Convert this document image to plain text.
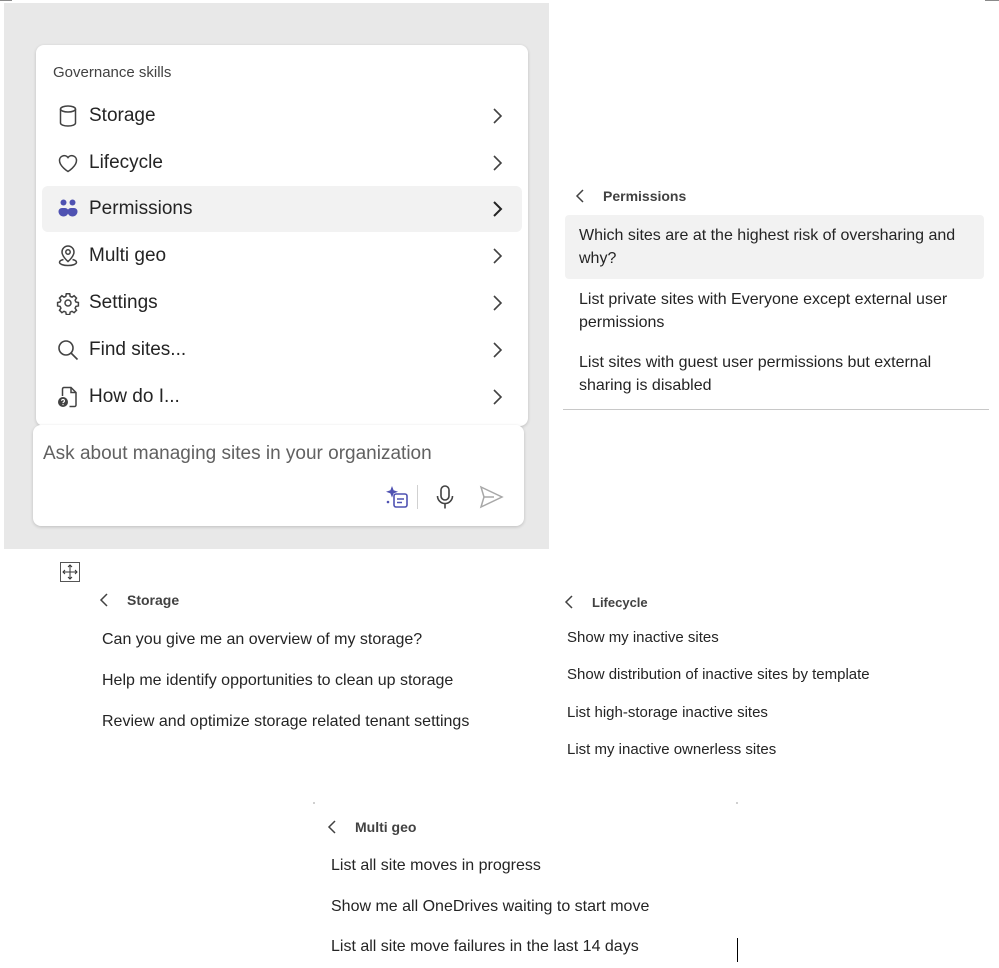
Governance skills
Storage
Lifecycle
Permissions
Multi geo
Settings
Find sites...
How do I...
Ask about managing sites in your organization
Permissions
Which sites are at the highest risk of oversharing and why?
List private sites with Everyone except external user permissions
List sites with guest user permissions but external sharing is disabled
Storage
Can you give me an overview of my storage?
Help me identify opportunities to clean up storage
Review and optimize storage related tenant settings
Lifecycle
Show my inactive sites
Show distribution of inactive sites by template
List high-storage inactive sites
List my inactive ownerless sites
Multi geo
List all site moves in progress
Show me all OneDrives waiting to start move
List all site move failures in the last 14 days
